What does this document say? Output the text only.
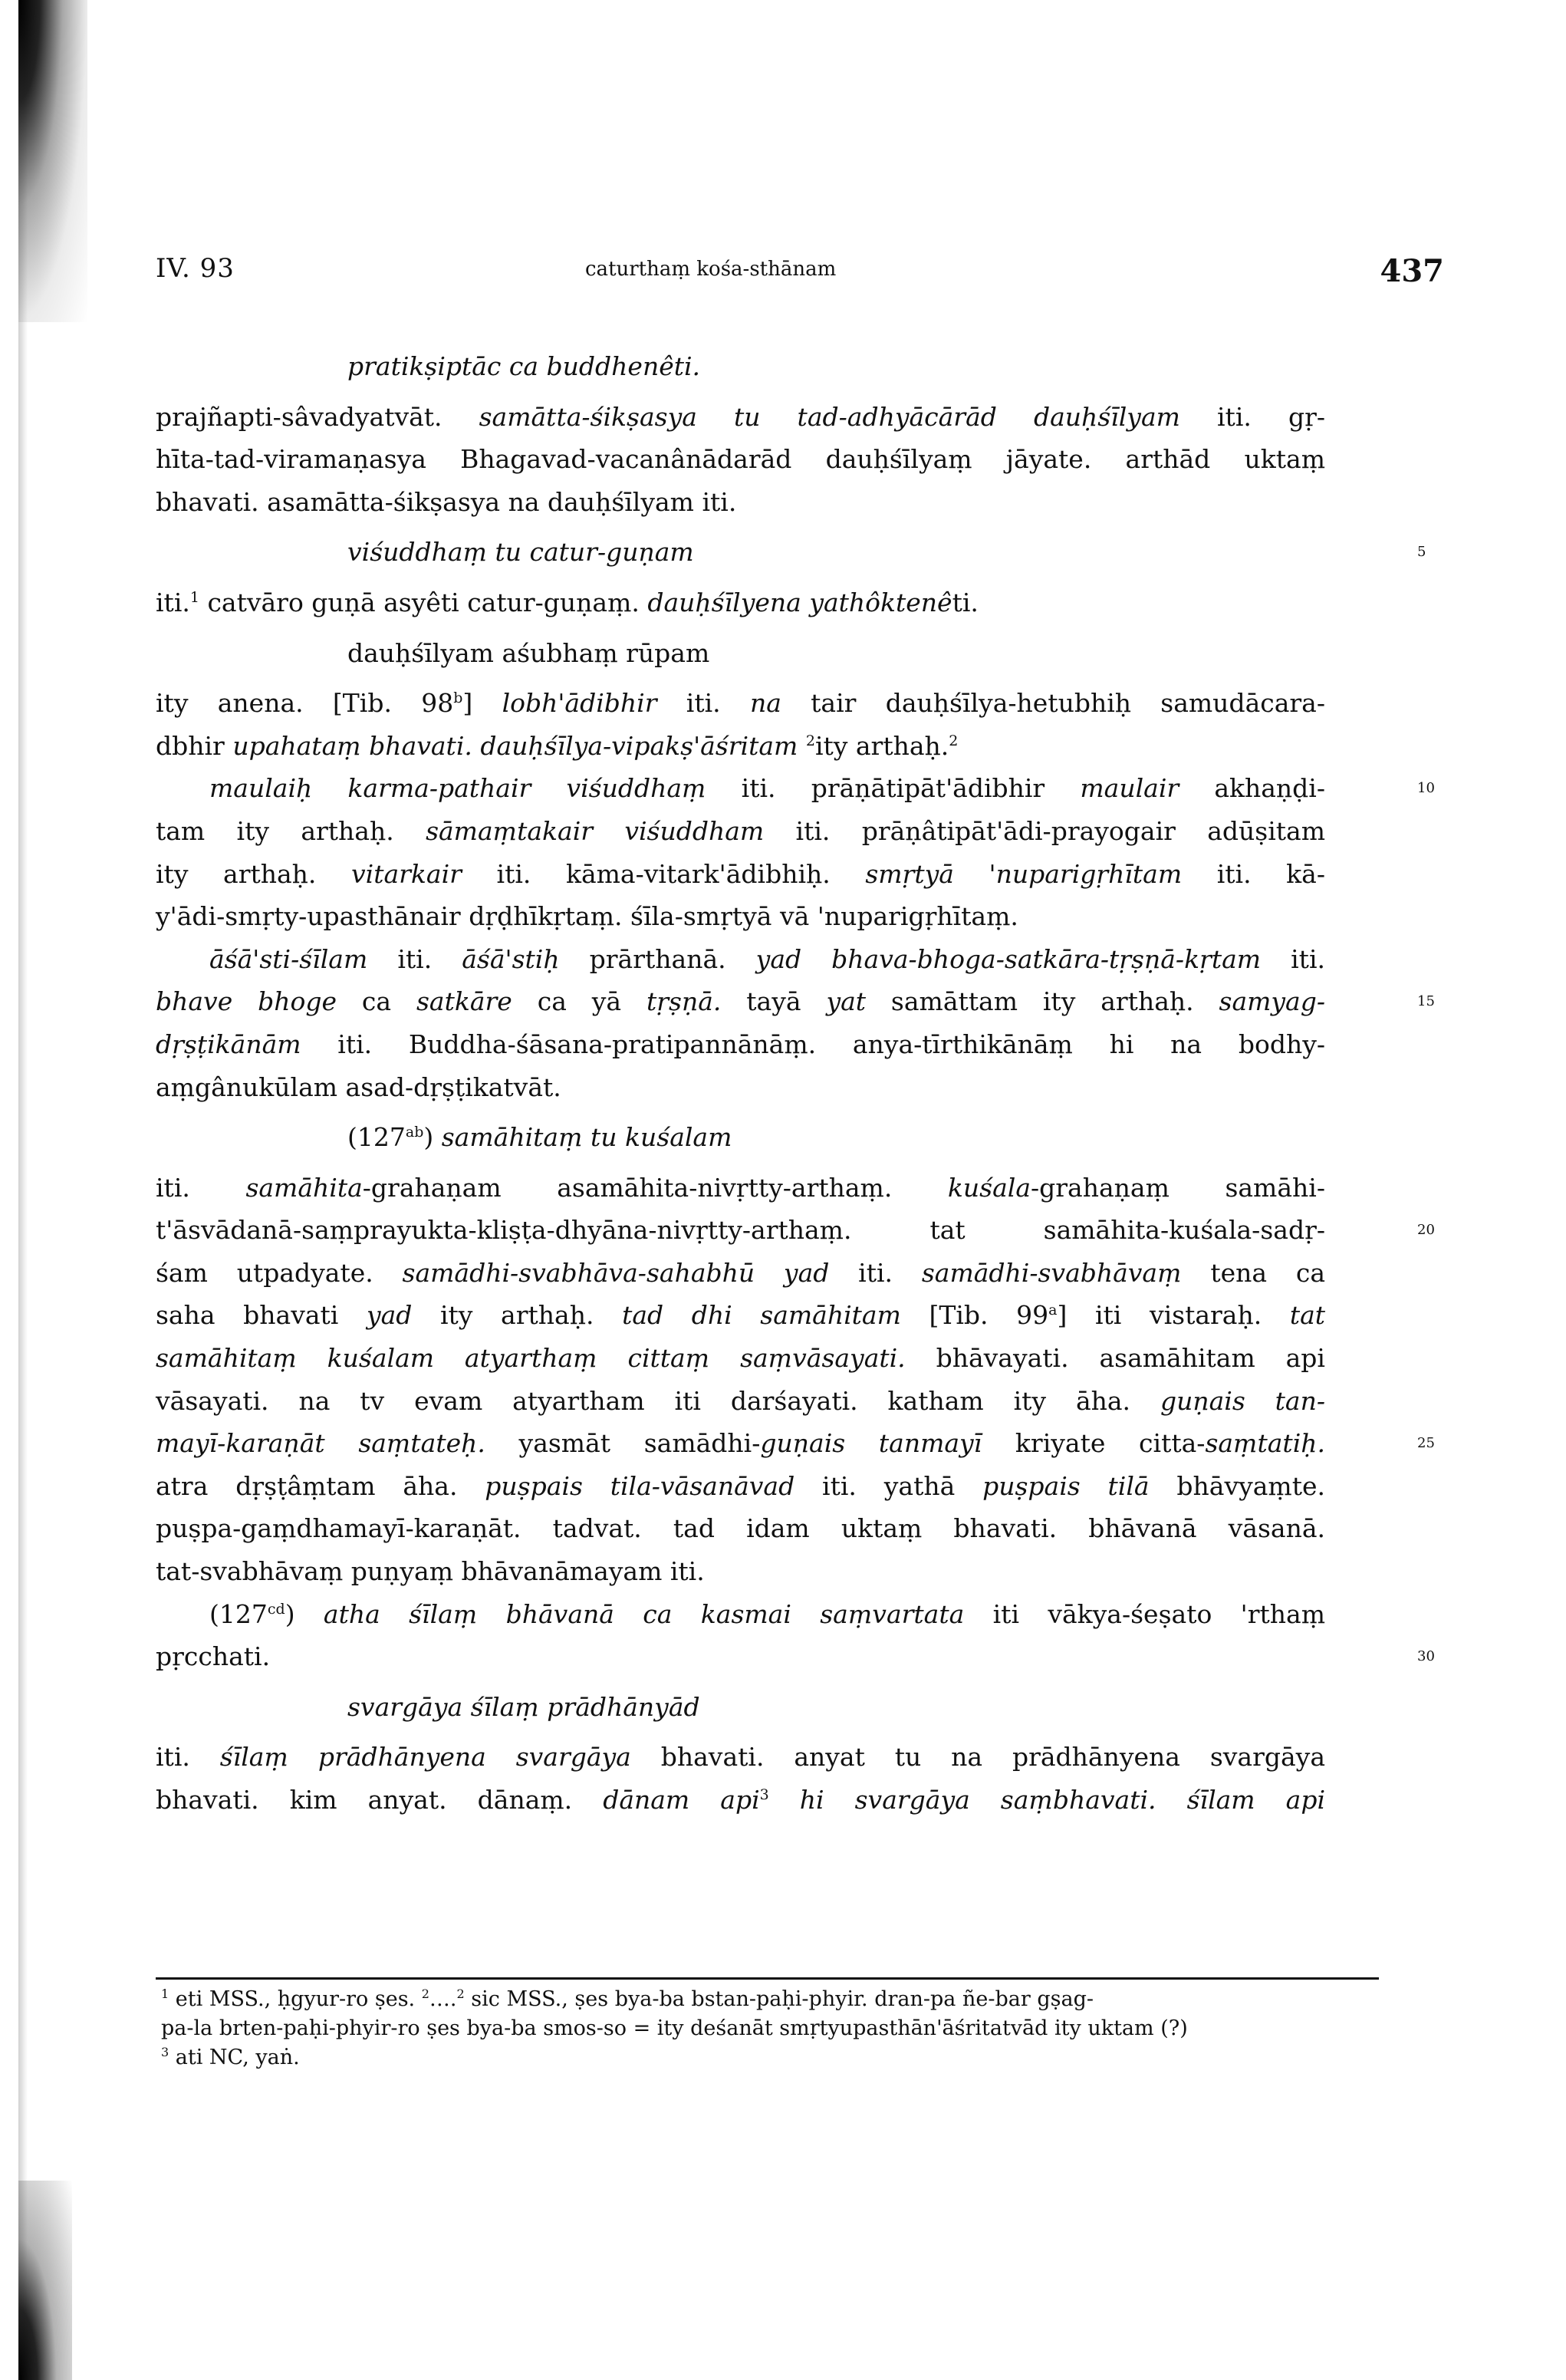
IV. 93	caturthaṃ kośa-sthānam	437
pratikṣiptāc ca buddhenêti.
prajñapti-sâvadyatvāt. samātta-śikṣasya tu tad-adhyācārād dauḥśīlyam iti. gṛ-
hīta-tad-viramaṇasya Bhagavad-vacanânādarād dauḥśīlyaṃ jāyate. arthād uktaṃ
bhavati. asamātta-śikṣasya na dauḥśīlyam iti.
viśuddhaṃ tu catur-guṇam	5
iti.$^1$ catvāro guṇā asyêti catur-guṇaṃ. dauḥśīlyena yathôktenêti.
dauḥśīlyam aśubhaṃ rūpam
ity anena. [Tib. 98$^b$] lobh'ādibhir iti. na tair dauḥśīlya-hetubhiḥ samudācara-
dbhir upahataṃ bhavati. dauḥśīlya-vipakṣ'āśritam $^2$ity arthaḥ.$^2$
maulaiḥ karma-pathair viśuddhaṃ iti. prāṇātipāt'ādibhir maulair akhaṇḍi-	10
tam ity arthaḥ. sāmaṃtakair viśuddham iti. prāṇâtipāt'ādi-prayogair adūṣitam
ity arthaḥ. vitarkair iti. kāma-vitark'ādibhiḥ. smṛtyā 'nuparigṛhītam iti. kā-
y'ādi-smṛty-upasthānair dṛḍhīkṛtaṃ. śīla-smṛtyā vā 'nuparigṛhītaṃ.
āśā'sti-śīlam iti. āśā'stiḥ prārthanā. yad bhava-bhoga-satkāra-tṛṣṇā-kṛtam iti.
bhave bhoge ca satkāre ca yā tṛṣṇā. tayā yat samāttam ity arthaḥ. samyag-	15
dṛṣṭikānām iti. Buddha-śāsana-pratipannānāṃ. anya-tīrthikānāṃ hi na bodhy-
aṃgânukūlam asad-dṛṣṭikatvāt.
$(127^{ab})$ samāhitaṃ tu kuśalam
iti. samāhita-grahaṇam asamāhita-nivṛtty-arthaṃ. kuśala-grahaṇaṃ samāhi-
t'āsvādanā-saṃprayukta-kliṣṭa-dhyāna-nivṛtty-arthaṃ. tat samāhita-kuśala-sadṛ-	20
śam utpadyate. samādhi-svabhāva-sahabhū yad iti. samādhi-svabhāvaṃ tena ca
saha bhavati yad ity arthaḥ. tad dhi samāhitam [Tib. 99$^a$] iti vistaraḥ. tat
samāhitaṃ kuśalam atyarthaṃ cittaṃ saṃvāsayati. bhāvayati. asamāhitam api
vāsayati. na tv evam atyartham iti darśayati. katham ity āha. guṇais tan-
mayī-karaṇāt saṃtateḥ. yasmāt samādhi-guṇais tanmayī kriyate citta-saṃtatiḥ.	25
atra dṛṣṭâṃtam āha. puṣpais tila-vāsanāvad iti. yathā puṣpais tilā bhāvyaṃte.
puṣpa-gaṃdhamayī-karaṇāt. tadvat. tad idam uktaṃ bhavati. bhāvanā vāsanā.
tat-svabhāvaṃ puṇyaṃ bhāvanāmayam iti.
$(127^{cd})$ atha śīlaṃ bhāvanā ca kasmai saṃvartata iti vākya-śeṣato 'rthaṃ
pṛcchati.	30
svargāya śīlaṃ prādhānyād
iti. śīlaṃ prādhānyena svargāya bhavati. anyat tu na prādhānyena svargāya
bhavati. kim anyat. dānaṃ. dānam api$^3$ hi svargāya saṃbhavati. śīlam api
$^1$ eti MSS., ḥgyur-ro ṣes. $^2$….$^2$ sic MSS., ṣes bya-ba bstan-paḥi-phyir. dran-pa ñe-bar gṣag-
pa-la brten-paḥi-phyir-ro ṣes bya-ba smos-so = ity deśanāt smṛtyupasthān'āśritatvād ity uktam (?)
$^3$ ati NC, yaṅ.
